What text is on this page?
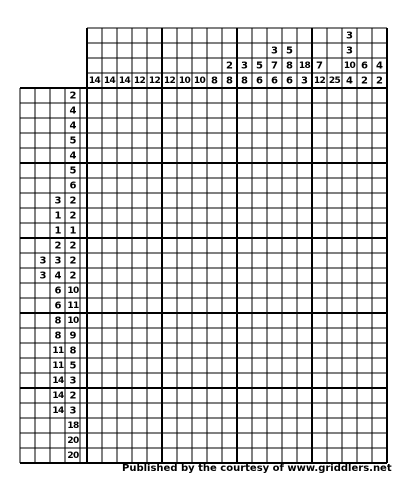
14 14 14 12 12 12 10 10 8
2
8
3
8
5
6
3
7
6
5
8
6
18
3
7
12 25
3
3
10
4
6
2
4
2
2
4
4
5
4
5
6
3 2
1 2
1 1
2 2
3 3 2
3 4 2
6 10
6 11
8 10
8 9
11 8
11 5
14 3
14 2
14 3
18
20
20
Published by the courtesy of www.griddlers.net
